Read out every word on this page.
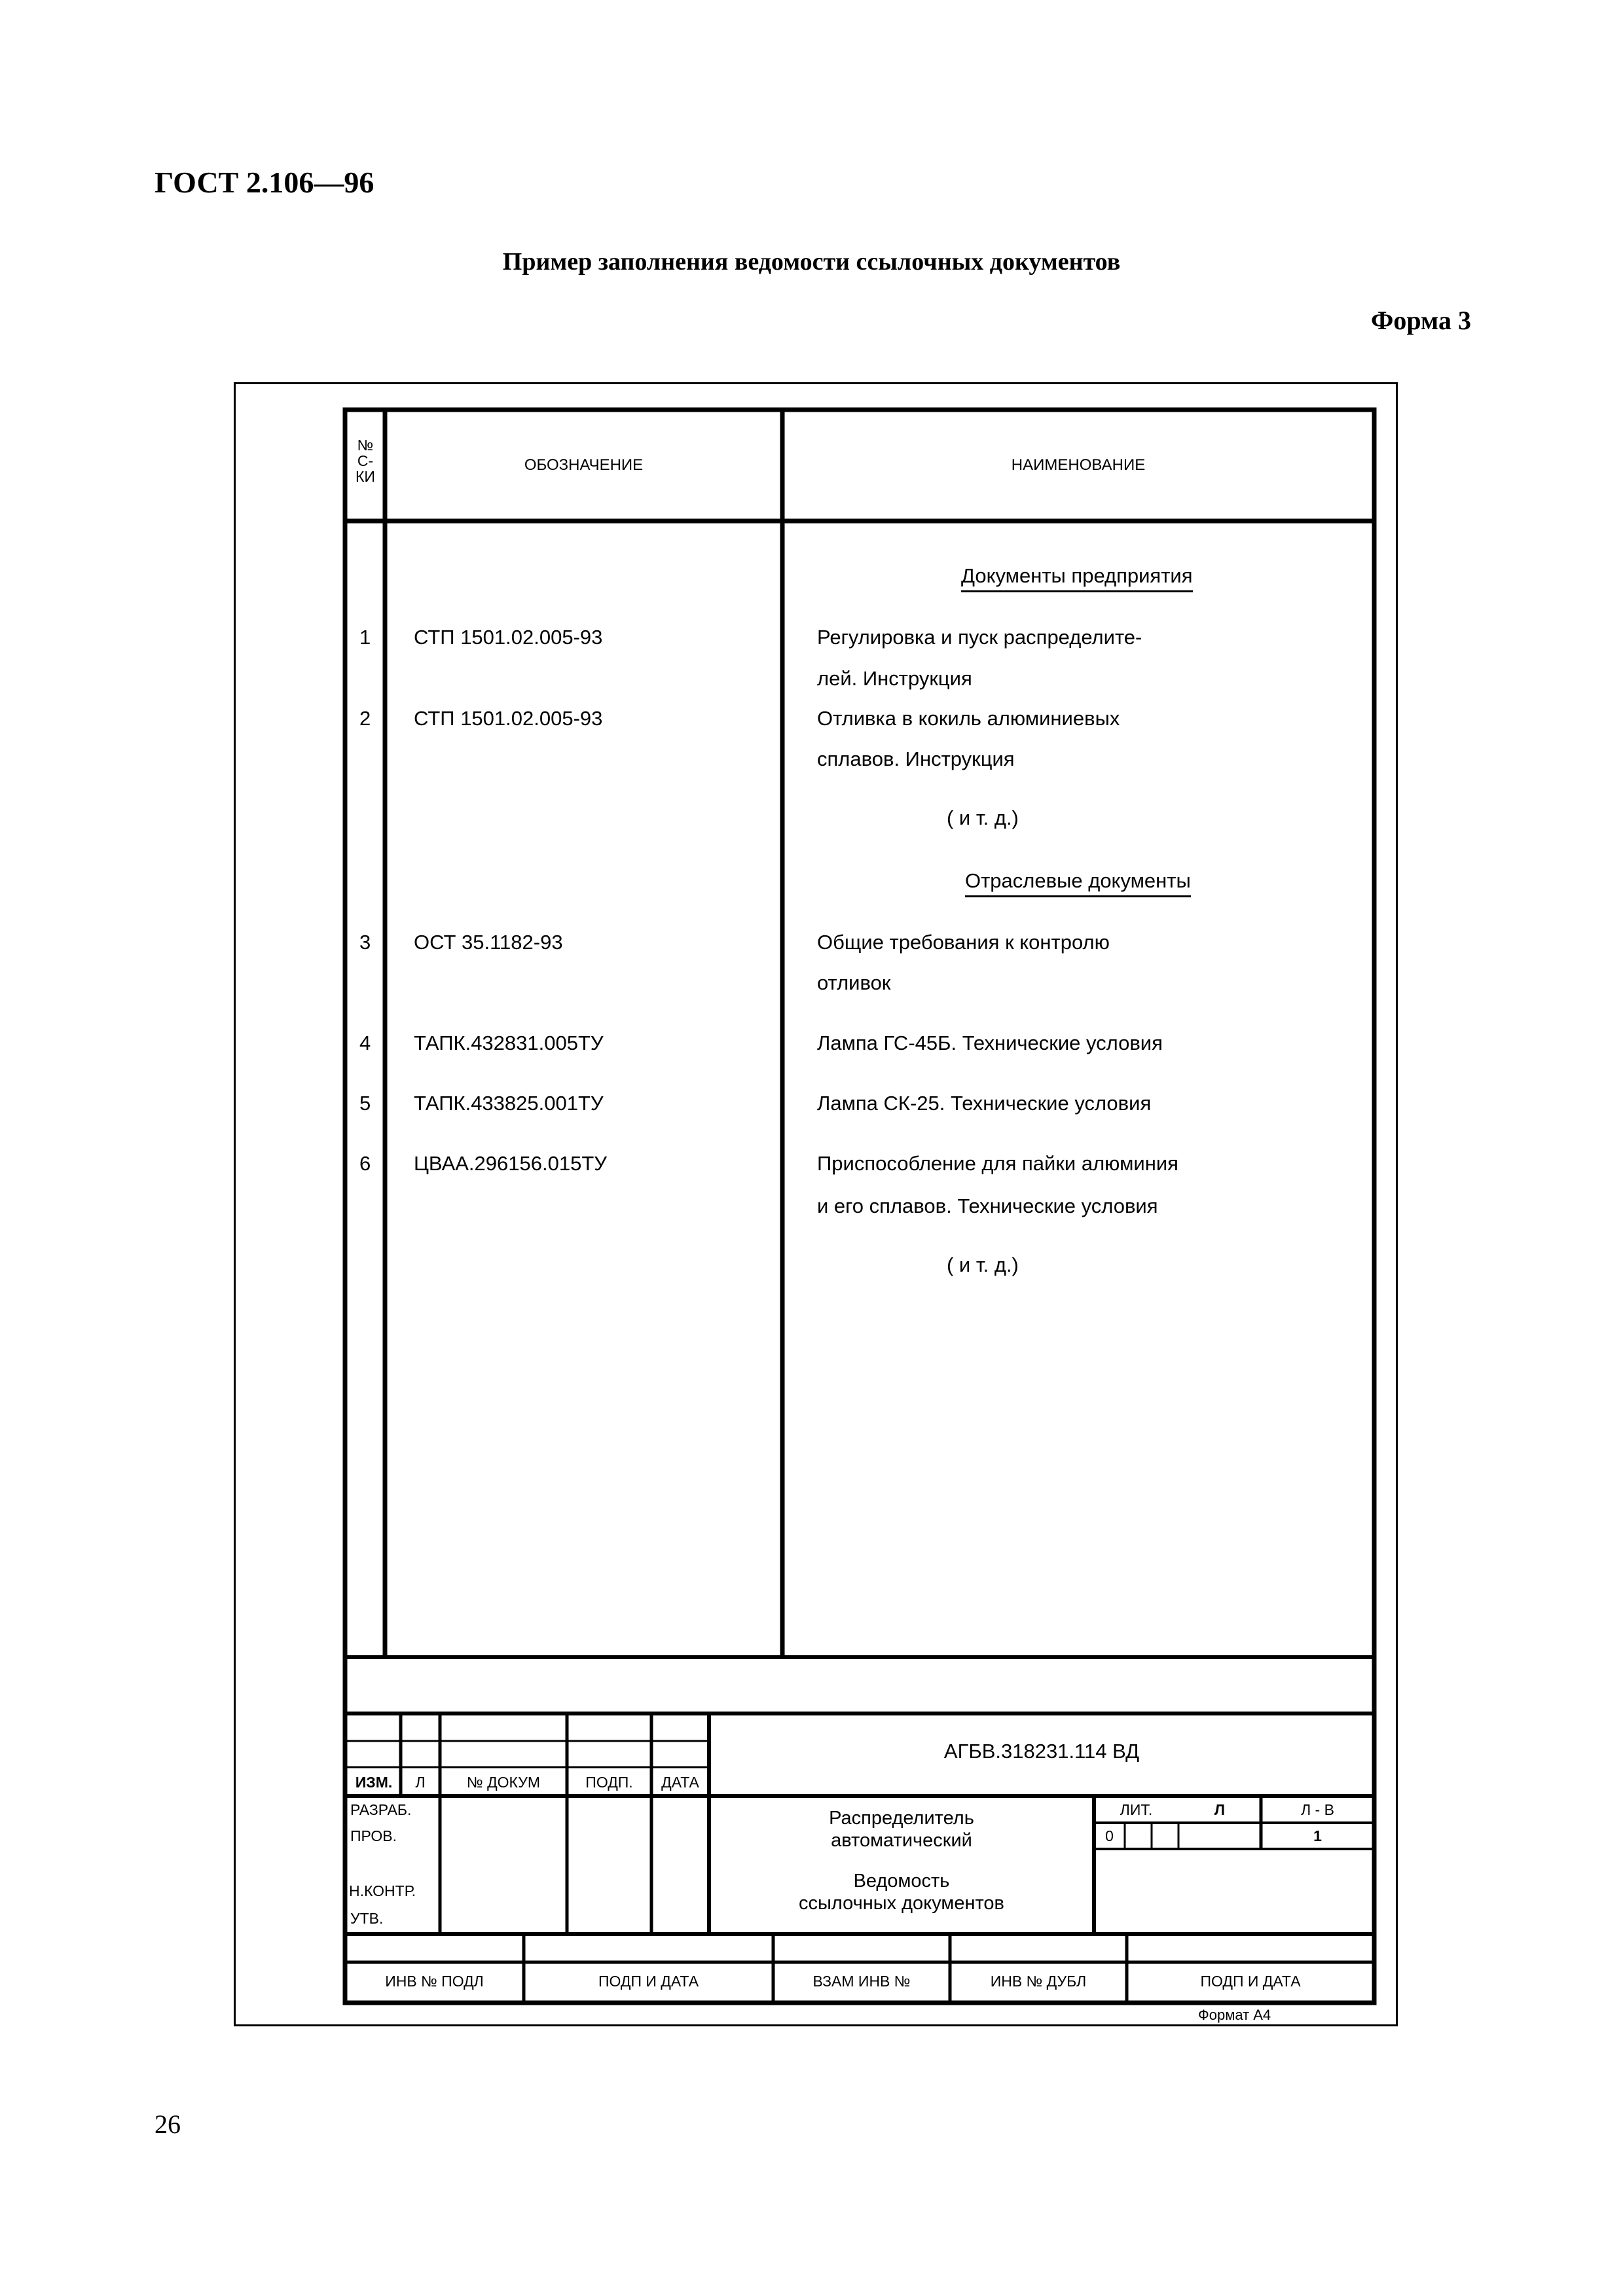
ГОСТ 2.106—96
Пример заполнения ведомости ссылочных документов
Форма 3
№ С- КИ
ОБОЗНАЧЕНИЕ	НАИМЕНОВАНИЕ
Документы предприятия
1 СТП 1501.02.005-93	Регулировка и пуск распределите-
лей. Инструкция
2 СТП 1501.02.005-93	Отливка в кокиль алюминиевых
сплавов. Инструкция
( и т. д.)
Отраслевые документы
3 ОСТ 35.1182-93	Общие требования к контролю
отливок
4 ТАПК.432831.005ТУ	Лампа ГС-45Б. Технические условия
5 ТАПК.433825.001ТУ	Лампа СК-25. Технические условия
6 ЦВАА.296156.015ТУ	Приспособление для пайки алюминия
и его сплавов. Технические условия
( и т. д.)
АГБВ.318231.114 ВД
ИЗМ.	Л	№ ДОКУМ	ПОДП.	ДАТА
РАЗРАБ.
ПРОВ.
Н.КОНТР.
УТВ.
Распределитель
автоматический
Ведомость
ссылочных документов
ЛИТ.	Л	Л - В
0	1
ИНВ № ПОДЛ	ПОДП И ДАТА	ВЗАМ ИНВ №	ИНВ № ДУБЛ	ПОДП И ДАТА
Формат А4
26
